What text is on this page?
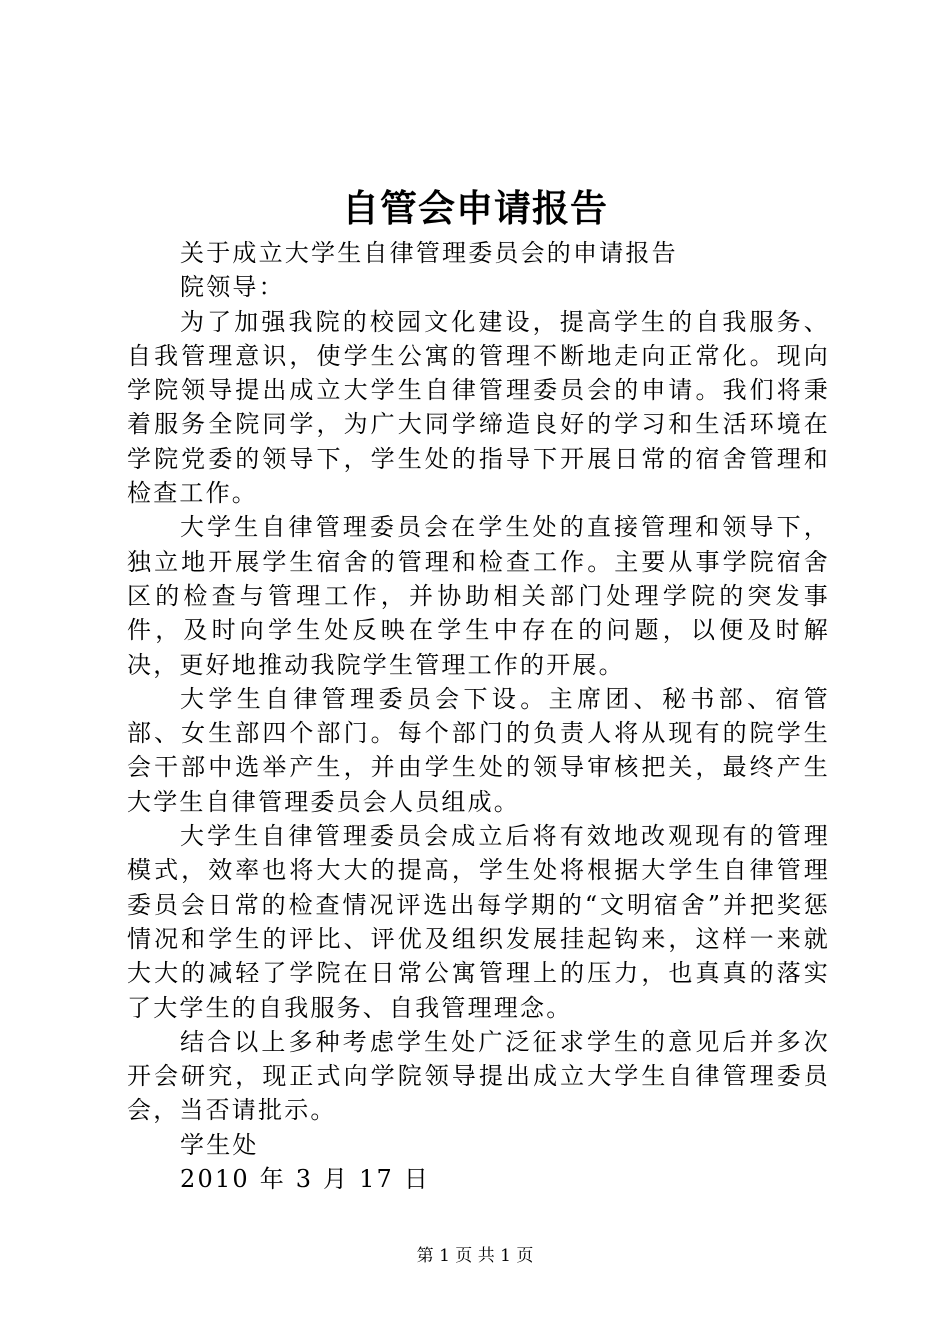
自管会申请报告

关于成立大学生自律管理委员会的申请报告

院领导：

为了加强我院的校园文化建设，提高学生的自我服务、自我管理意识，使学生公寓的管理不断地走向正常化。现向学院领导提出成立大学生自律管理委员会的申请。我们将秉着服务全院同学，为广大同学缔造良好的学习和生活环境在学院党委的领导下，学生处的指导下开展日常的宿舍管理和检查工作。

大学生自律管理委员会在学生处的直接管理和领导下，独立地开展学生宿舍的管理和检查工作。主要从事学院宿舍区的检查与管理工作，并协助相关部门处理学院的突发事件，及时向学生处反映在学生中存在的问题，以便及时解决，更好地推动我院学生管理工作的开展。

大学生自律管理委员会下设。主席团、秘书部、宿管部、女生部四个部门。每个部门的负责人将从现有的院学生会干部中选举产生，并由学生处的领导审核把关，最终产生大学生自律管理委员会人员组成。

大学生自律管理委员会成立后将有效地改观现有的管理模式，效率也将大大的提高，学生处将根据大学生自律管理委员会日常的检查情况评选出每学期的“文明宿舍”并把奖惩情况和学生的评比、评优及组织发展挂起钩来，这样一来就大大的减轻了学院在日常公寓管理上的压力，也真真的落实了大学生的自我服务、自我管理理念。

结合以上多种考虑学生处广泛征求学生的意见后并多次开会研究，现正式向学院领导提出成立大学生自律管理委员会，当否请批示。

学生处

2010 年 3 月 17 日

第 1 页 共 1 页
